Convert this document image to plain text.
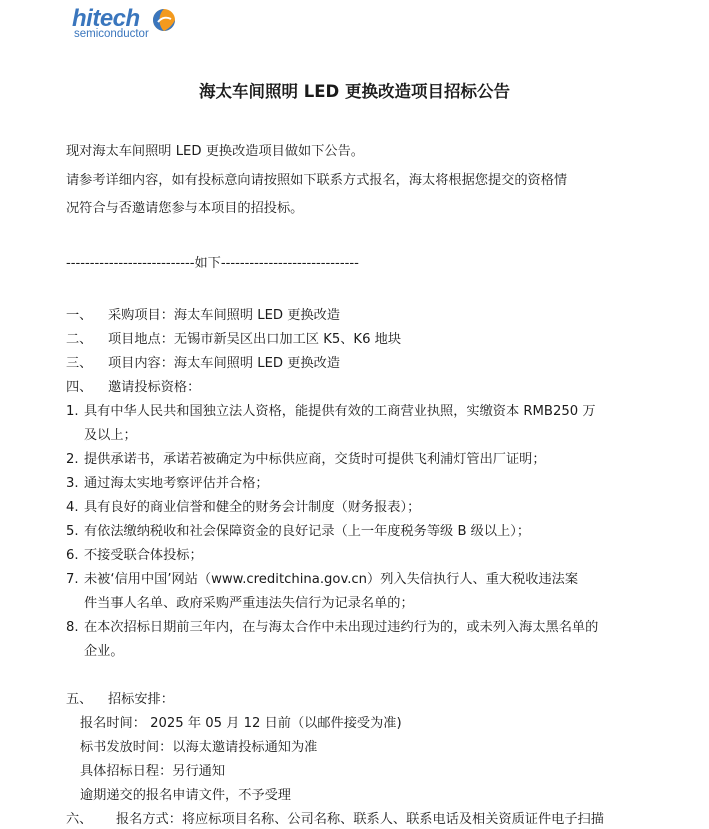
hitech
semiconductor
海太车间照明 LED 更换改造项目招标公告
现对海太车间照明 LED 更换改造项目做如下公告。
请参考详细内容，如有投标意向请按照如下联系方式报名，海太将根据您提交的资格情
况符合与否邀请您参与本项目的招投标。
---------------------------如下-----------------------------
一、 采购项目：海太车间照明 LED 更换改造
二、 项目地点：无锡市新吴区出口加工区 K5、K6 地块
三、 项目内容：海太车间照明 LED 更换改造
四、 邀请投标资格：
1. 具有中华人民共和国独立法人资格，能提供有效的工商营业执照，实缴资本 RMB250 万
及以上；
2. 提供承诺书，承诺若被确定为中标供应商，交货时可提供飞利浦灯管出厂证明；
3. 通过海太实地考察评估并合格；
4. 具有良好的商业信誉和健全的财务会计制度（财务报表）；
5. 有依法缴纳税收和社会保障资金的良好记录（上一年度税务等级 B 级以上）；
6. 不接受联合体投标；
7. 未被‘信用中国’网站（www.creditchina.gov.cn）列入失信执行人、重大税收违法案
件当事人名单、政府采购严重违法失信行为记录名单的；
8. 在本次招标日期前三年内，在与海太合作中未出现过违约行为的，或未列入海太黑名单的
企业。
五、 招标安排：
报名时间： 2025 年 05 月 12 日前（以邮件接受为准)
标书发放时间：以海太邀请投标通知为准
具体招标日程：另行通知
逾期递交的报名申请文件，不予受理
六、 报名方式：将应标项目名称、公司名称、联系人、联系电话及相关资质证件电子扫描
